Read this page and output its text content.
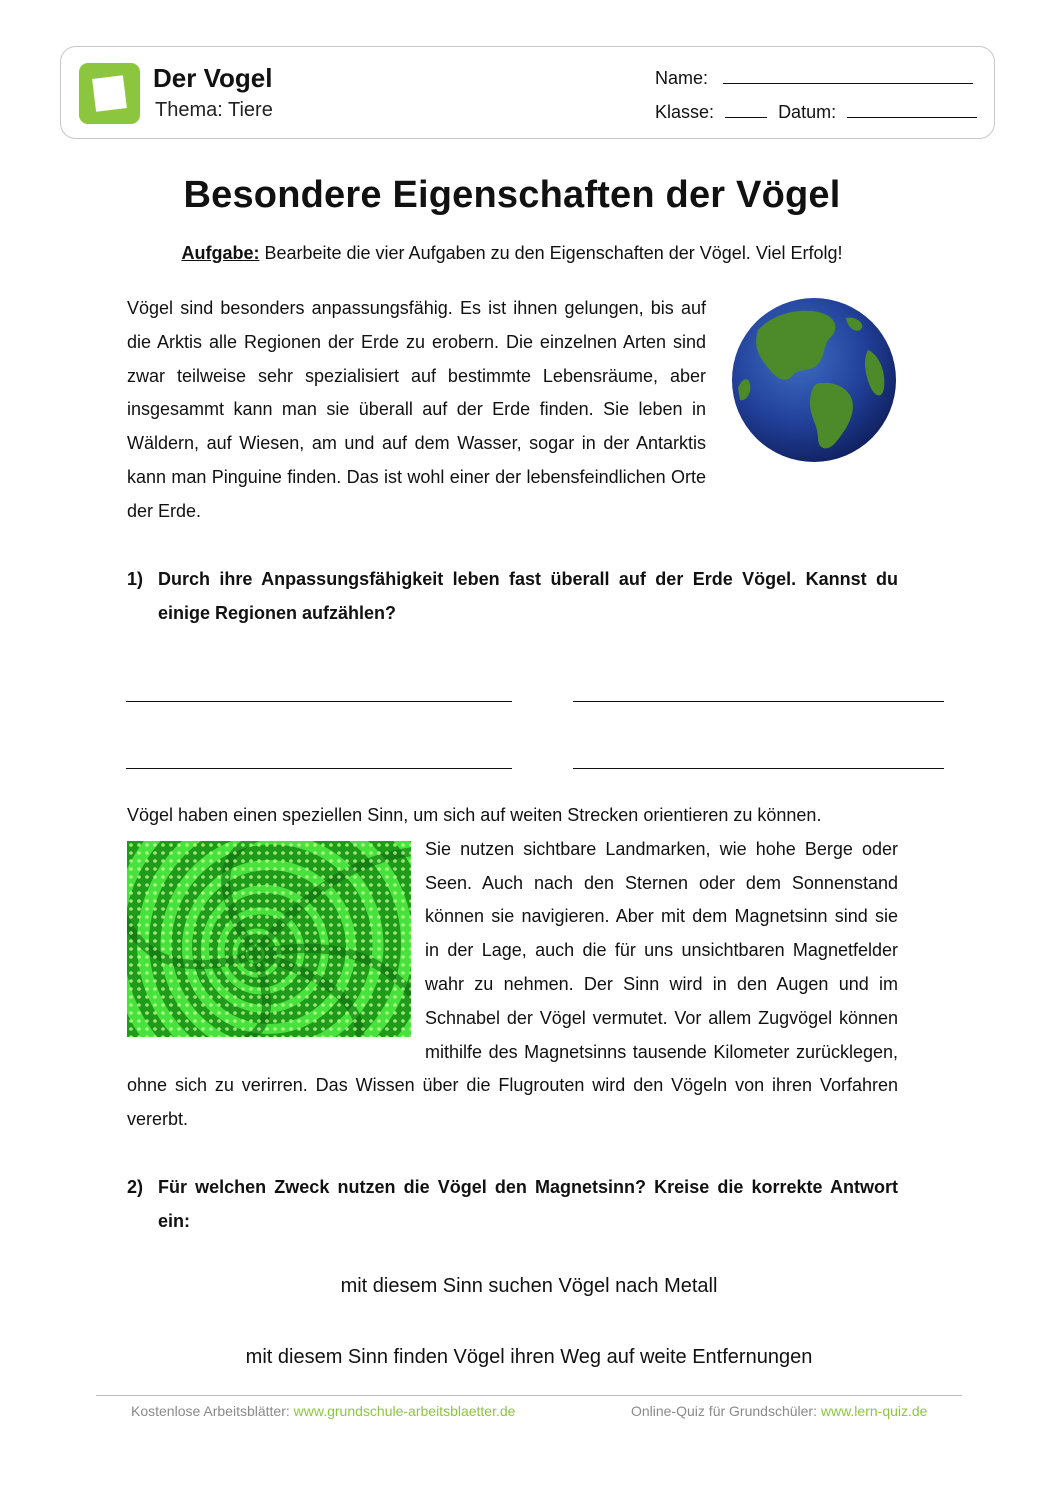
Der Vogel
Thema: Tiere
Name:
Klasse:	Datum:
Besondere Eigenschaften der Vögel
Aufgabe: Bearbeite die vier Aufgaben zu den Eigenschaften der Vögel. Viel Erfolg!
Vögel sind besonders anpassungsfähig. Es ist ihnen gelungen, bis auf die Arktis alle Regionen der Erde zu erobern. Die einzelnen Arten sind zwar teilweise sehr spezialisiert auf bestimmte Lebensräume, aber insgesammt kann man sie überall auf der Erde finden. Sie leben in Wäldern, auf Wiesen, am und auf dem Wasser, sogar in der Antarktis kann man Pinguine finden. Das ist wohl einer der lebensfeindlichen Orte der Erde.
1) Durch ihre Anpassungsfähigkeit leben fast überall auf der Erde Vögel. Kannst du einige Regionen aufzählen?
Vögel haben einen speziellen Sinn, um sich auf weiten Strecken orientieren zu können.
Sie nutzen sichtbare Landmarken, wie hohe Berge oder Seen. Auch nach den Sternen oder dem Sonnenstand können sie navigieren. Aber mit dem Magnetsinn sind sie in der Lage, auch die für uns unsichtbaren Magnetfelder wahr zu nehmen. Der Sinn wird in den Augen und im Schnabel der Vögel vermutet. Vor allem Zugvögel können mithilfe des Magnetsinns tausende Kilometer zurücklegen, ohne sich zu verirren. Das Wissen über die Flugrouten wird den Vögeln von ihren Vorfahren vererbt.
2) Für welchen Zweck nutzen die Vögel den Magnetsinn? Kreise die korrekte Antwort ein:
mit diesem Sinn suchen Vögel nach Metall
mit diesem Sinn finden Vögel ihren Weg auf weite Entfernungen
Kostenlose Arbeitsblätter: www.grundschule-arbeitsblaetter.de	Online-Quiz für Grundschüler: www.lern-quiz.de
